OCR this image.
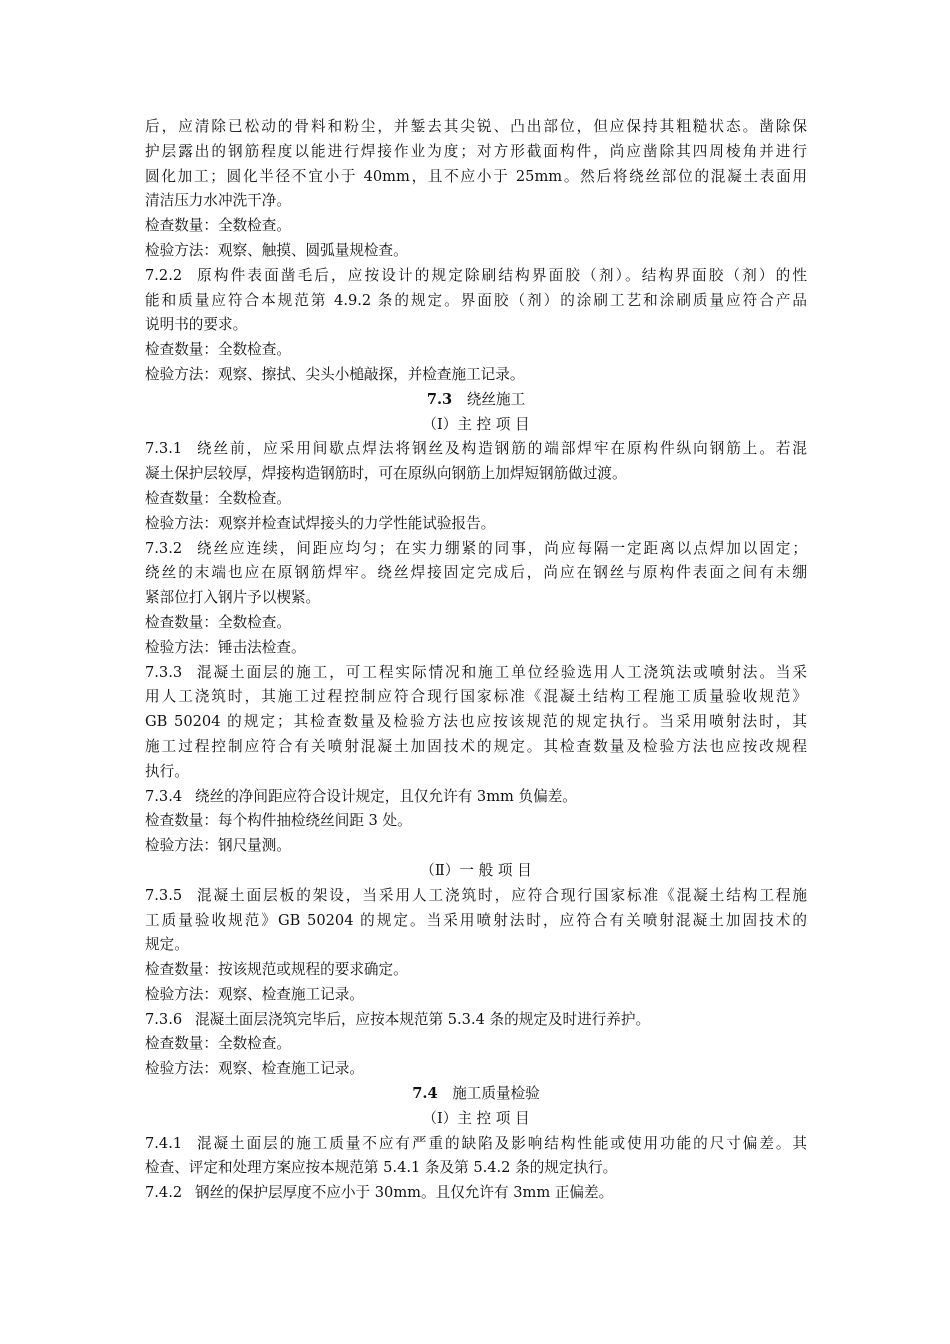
后，应清除已松动的骨料和粉尘，并錾去其尖锐、凸出部位，但应保持其粗糙状态。凿除保
护层露出的钢筋程度以能进行焊接作业为度；对方形截面构件，尚应凿除其四周棱角并进行
圆化加工；圆化半径不宜小于 40mm，且不应小于 25mm。然后将绕丝部位的混凝土表面用
清洁压力水冲洗干净。
检查数量：全数检查。
检验方法：观察、触摸、圆弧量规检查。
7.2.2 原构件表面凿毛后，应按设计的规定除刷结构界面胶（剂）。结构界面胶（剂）的性
能和质量应符合本规范第 4.9.2 条的规定。界面胶（剂）的涂刷工艺和涂刷质量应符合产品
说明书的要求。
检查数量：全数检查。
检验方法：观察、擦拭、尖头小槌敲探，并检查施工记录。
7.3  绕丝施工
（Ⅰ）主 控 项 目
7.3.1 绕丝前，应采用间歇点焊法将钢丝及构造钢筋的端部焊牢在原构件纵向钢筋上。若混
凝土保护层较厚，焊接构造钢筋时，可在原纵向钢筋上加焊短钢筋做过渡。
检查数量：全数检查。
检验方法：观察并检查试焊接头的力学性能试验报告。
7.3.2 绕丝应连续，间距应均匀；在实力绷紧的同事，尚应每隔一定距离以点焊加以固定；
绕丝的末端也应在原钢筋焊牢。绕丝焊接固定完成后，尚应在钢丝与原构件表面之间有未绷
紧部位打入钢片予以楔紧。
检查数量：全数检查。
检验方法：锤击法检查。
7.3.3 混凝土面层的施工，可工程实际情况和施工单位经验选用人工浇筑法或喷射法。当采
用人工浇筑时，其施工过程控制应符合现行国家标准《混凝土结构工程施工质量验收规范》
GB 50204 的规定；其检查数量及检验方法也应按该规范的规定执行。当采用喷射法时，其
施工过程控制应符合有关喷射混凝土加固技术的规定。其检查数量及检验方法也应按改规程
执行。
7.3.4 绕丝的净间距应符合设计规定，且仅允许有 3mm 负偏差。
检查数量：每个构件抽检绕丝间距 3 处。
检验方法：钢尺量测。
（Ⅱ）一 般 项 目
7.3.5 混凝土面层板的架设，当采用人工浇筑时，应符合现行国家标准《混凝土结构工程施
工质量验收规范》GB 50204 的规定。当采用喷射法时，应符合有关喷射混凝土加固技术的
规定。
检查数量：按该规范或规程的要求确定。
检验方法：观察、检查施工记录。
7.3.6 混凝土面层浇筑完毕后，应按本规范第 5.3.4 条的规定及时进行养护。
检查数量：全数检查。
检验方法：观察、检查施工记录。
7.4  施工质量检验
（Ⅰ）主 控 项 目
7.4.1 混凝土面层的施工质量不应有严重的缺陷及影响结构性能或使用功能的尺寸偏差。其
检查、评定和处理方案应按本规范第 5.4.1 条及第 5.4.2 条的规定执行。
7.4.2 钢丝的保护层厚度不应小于 30mm。且仅允许有 3mm 正偏差。
